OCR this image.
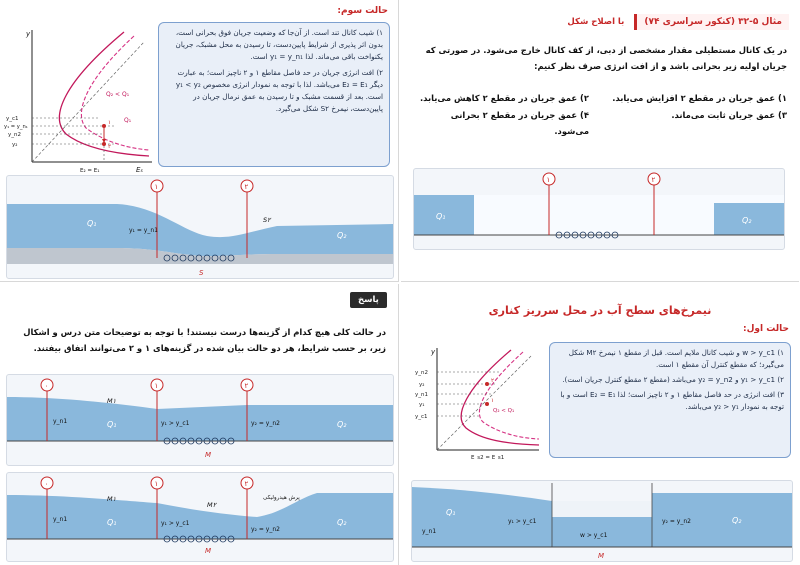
حالت سوم:
y
Eₛ
y_c1
y₁ = y_n₁
y_n2
y₂
Q₂ < Q₁
Q₁
E₂ = E₁
۱
۲

۱) شیب کانال تند است. از آن‌جا که وضعیت جریان فوق بحرانی است، بدون اثر پذیری از شرایط پایین‌دست، تا رسیدن به محل مشبک، جریان یکنواخت باقی می‌ماند. لذا y₁ = y_n₁ است.

۲) افت انرژی جریان در حد فاصل مقاطع ۱ و ۲ ناچیز است؛ به عبارت دیگر E₂ = E₁ می‌باشد. لذا با توجه به نمودار انرژی مخصوص y₁ < y₂ است. بعد از قسمت مشبک و تا رسیدن به عمق نرمال جریان در پایین‌دست، نیمرخ S۲ شکل می‌گیرد.

۱	۲
Q₁
Q₂
y₁ = y_n1
S۲
S
مثال ۵-۳۲ (کنکور سراسری ۷۴)
با اصلاح شکل
در یک کانال مستطیلی مقدار مشخصی از دبی، از کف کانال خارج می‌شود. در صورتی که جریان اولیه زیر بحرانی باشد و از افت انرژی صرف نظر کنیم:
۱) عمق جریان در مقطع ۲ افزایش می‌یابد.
۲) عمق جریان در مقطع ۲ کاهش می‌یابد.
۳) عمق جریان ثابت می‌ماند.
۴) عمق جریان در مقطع ۲ بحرانی می‌شود.
۱	۲
Q₁	Q₂
پاسخ
در حالت کلی هیچ کدام از گزینه‌ها درست نیستند! با توجه به توضیحات متن درس و اشکال زیر، بر حسب شرایط، هر دو حالت بیان شده در گزینه‌های ۱ و ۲ می‌توانند اتفاق بیفتند.
۰	۱	۲
M۱
Q₁	Q₂
y_n1	y₁ > y_c1	y₂ = y_n2
M
۰	۱	۲
M۱
M۲
پرش هیدرولیکی
Q₁	Q₂
y_n1
y₁ > y_c1
y₂ = y_n2
M
نیمرخ‌های سطح آب در محل سرریز کناری
حالت اول:
y
y_n2
y₂
y_n1
y₁
y_c1
Q₂ < Q₁
E_s2 = E_s1
۱
۲

۱) w > y_c1 و شیب کانال ملایم است. قبل از مقطع ۱ نیمرخ M۲ شکل می‌گیرد؛ که مقطع کنترل آن مقطع ۱ است.

۲) y₁ > y_c1 و y₂ = y_n2 می‌باشد (مقطع ۲ مقطع کنترل جریان است).

۳) افت انرژی در حد فاصل مقاطع ۱ و ۲ ناچیز است؛ لذا E₂ = E₁ است و با توجه به نمودار y₂ > y₁ می‌باشد.

Q₁
Q₂
y_n1
y₁ > y_c1
w > y_c1
y₂ = y_n2
M
